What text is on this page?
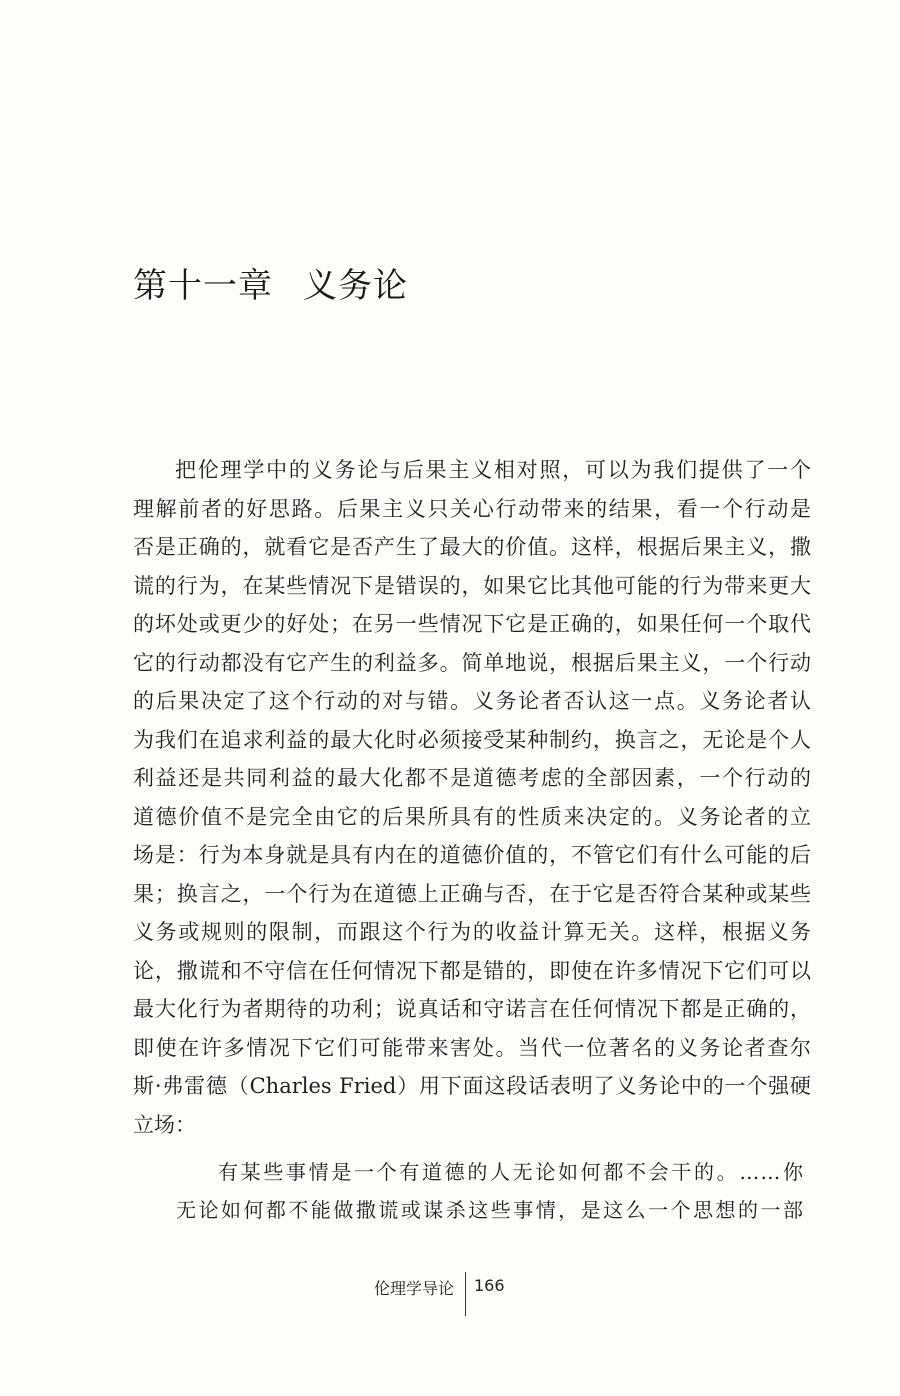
第十一章 义务论
把伦理学中的义务论与后果主义相对照，可以为我们提供了一个
理解前者的好思路。后果主义只关心行动带来的结果，看一个行动是
否是正确的，就看它是否产生了最大的价值。这样，根据后果主义，撒
谎的行为，在某些情况下是错误的，如果它比其他可能的行为带来更大
的坏处或更少的好处；在另一些情况下它是正确的，如果任何一个取代
它的行动都没有它产生的利益多。简单地说，根据后果主义，一个行动
的后果决定了这个行动的对与错。义务论者否认这一点。义务论者认
为我们在追求利益的最大化时必须接受某种制约，换言之，无论是个人
利益还是共同利益的最大化都不是道德考虑的全部因素，一个行动的
道德价值不是完全由它的后果所具有的性质来决定的。义务论者的立
场是：行为本身就是具有内在的道德价值的，不管它们有什么可能的后
果；换言之，一个行为在道德上正确与否，在于它是否符合某种或某些
义务或规则的限制，而跟这个行为的收益计算无关。这样，根据义务
论，撒谎和不守信在任何情况下都是错的，即使在许多情况下它们可以
最大化行为者期待的功利；说真话和守诺言在任何情况下都是正确的，
即使在许多情况下它们可能带来害处。当代一位著名的义务论者查尔
斯·弗雷德（Charles Fried）用下面这段话表明了义务论中的一个强硬
立场：
有某些事情是一个有道德的人无论如何都不会干的。……你
无论如何都不能做撒谎或谋杀这些事情，是这么一个思想的一部
伦理学导论 166
